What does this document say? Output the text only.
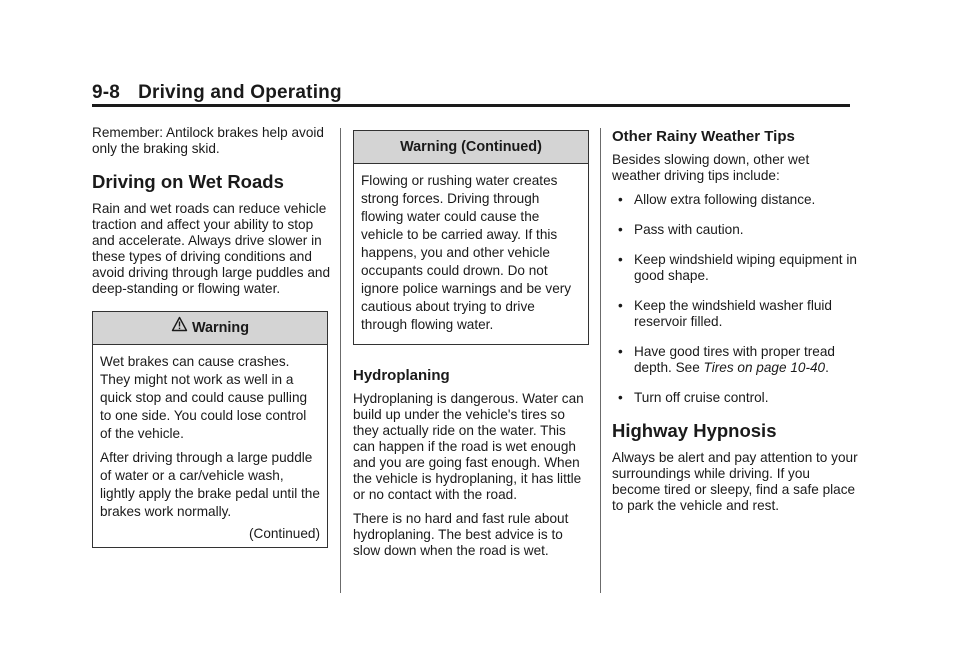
9-8 Driving and Operating

Remember: Antilock brakes help avoid only the braking skid.

Driving on Wet Roads

Rain and wet roads can reduce vehicle traction and affect your ability to stop and accelerate. Always drive slower in these types of driving conditions and avoid driving through large puddles and deep-standing or flowing water.

Warning

Wet brakes can cause crashes. They might not work as well in a quick stop and could cause pulling to one side. You could lose control of the vehicle.

After driving through a large puddle of water or a car/vehicle wash, lightly apply the brake pedal until the brakes work normally.

(Continued)
Warning (Continued)

Flowing or rushing water creates strong forces. Driving through flowing water could cause the vehicle to be carried away. If this happens, you and other vehicle occupants could drown. Do not ignore police warnings and be very cautious about trying to drive through flowing water.

Hydroplaning

Hydroplaning is dangerous. Water can build up under the vehicle's tires so they actually ride on the water. This can happen if the road is wet enough and you are going fast enough. When the vehicle is hydroplaning, it has little or no contact with the road.

There is no hard and fast rule about hydroplaning. The best advice is to slow down when the road is wet.

Other Rainy Weather Tips

Besides slowing down, other wet weather driving tips include:

• Allow extra following distance.
• Pass with caution.
• Keep windshield wiping equipment in good shape.
• Keep the windshield washer fluid reservoir filled.
• Have good tires with proper tread depth. See Tires on page 10-40.
• Turn off cruise control.
Highway Hypnosis

Always be alert and pay attention to your surroundings while driving. If you become tired or sleepy, find a safe place to park the vehicle and rest.
